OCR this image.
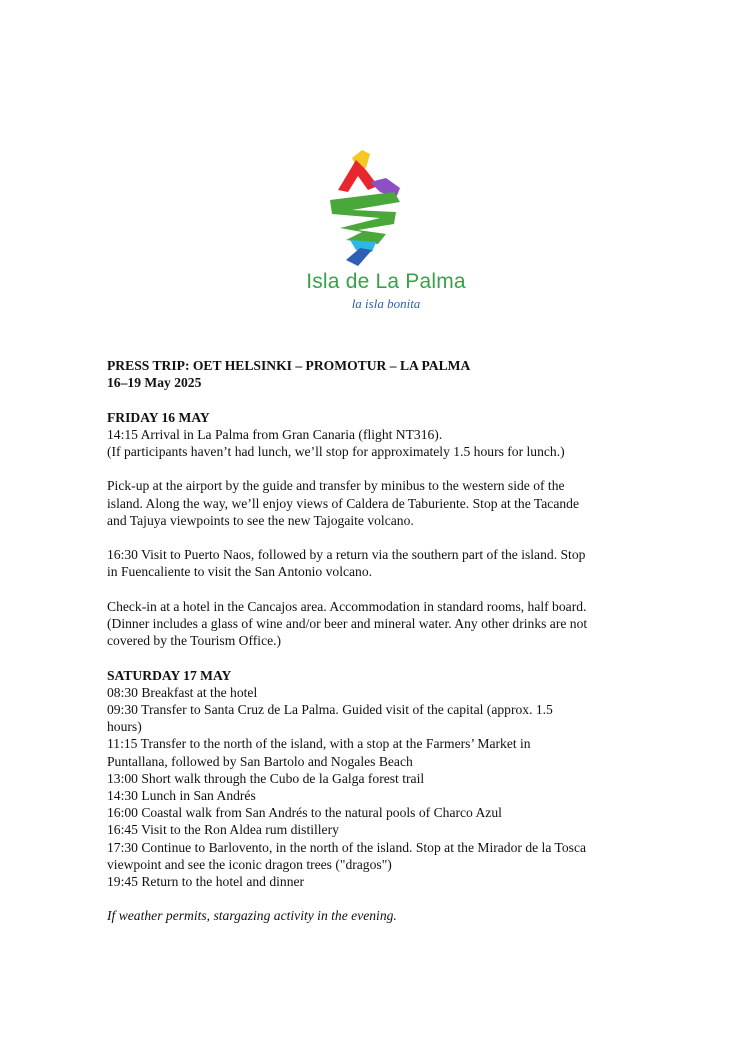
Isla de La Palma
la isla bonita

PRESS TRIP: OET HELSINKI – PROMOTUR – LA PALMA

16–19 May 2025

FRIDAY 16 MAY

14:15 Arrival in La Palma from Gran Canaria (flight NT316).

(If participants haven’t had lunch, we’ll stop for approximately 1.5 hours for lunch.)

Pick-up at the airport by the guide and transfer by minibus to the western side of the

island. Along the way, we’ll enjoy views of Caldera de Taburiente. Stop at the Tacande

and Tajuya viewpoints to see the new Tajogaite volcano.

16:30 Visit to Puerto Naos, followed by a return via the southern part of the island. Stop

in Fuencaliente to visit the San Antonio volcano.

Check-in at a hotel in the Cancajos area. Accommodation in standard rooms, half board.

(Dinner includes a glass of wine and/or beer and mineral water. Any other drinks are not

covered by the Tourism Office.)

SATURDAY 17 MAY

08:30 Breakfast at the hotel

09:30 Transfer to Santa Cruz de La Palma. Guided visit of the capital (approx. 1.5

hours)

11:15 Transfer to the north of the island, with a stop at the Farmers’ Market in

Puntallana, followed by San Bartolo and Nogales Beach

13:00 Short walk through the Cubo de la Galga forest trail

14:30 Lunch in San Andrés

16:00 Coastal walk from San Andrés to the natural pools of Charco Azul

16:45 Visit to the Ron Aldea rum distillery

17:30 Continue to Barlovento, in the north of the island. Stop at the Mirador de la Tosca

viewpoint and see the iconic dragon trees ("dragos")

19:45 Return to the hotel and dinner

If weather permits, stargazing activity in the evening.
